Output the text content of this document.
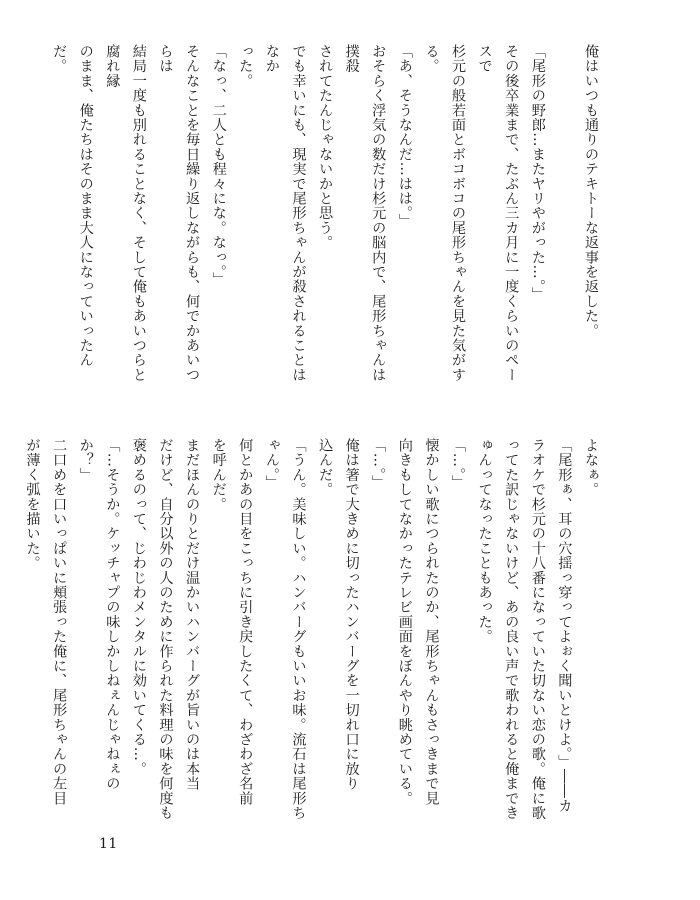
俺はいつも通りのテキトーな返事を返した。
「尾形の野郎…またヤリやがった…。」
その後卒業まで、たぶん三カ月に一度くらいのペースで
杉元の般若面とボコボコの尾形ちゃんを見た気がする。
「あ、そうなんだ…はは。」
おそらく浮気の数だけ杉元の脳内で、尾形ちゃんは撲殺
されてたんじゃないかと思う。
でも幸いにも、現実で尾形ちゃんが殺されることはなか
った。
「なっ、二人とも程々にな。なっ。」
そんなことを毎日繰り返しながらも、何でかあいつらは
結局一度も別れることなく、そして俺もあいつらと腐れ縁
のまま、俺たちはそのまま大人になっていったんだ。
よなぁ。
「尾形ぁ、耳の穴揺っ穿ってよぉく聞いとけよ。」――カ
ラオケで杉元の十八番になっていた切ない恋の歌。俺に歌
ってた訳じゃないけど、あの良い声で歌われると俺までき
ゅんってなったこともあった。
「…。」
懐かしい歌につられたのか、尾形ちゃんもさっきまで見
向きもしてなかったテレビ画面をぼんやり眺めている。
「…。」
俺は箸で大きめに切ったハンバーグを一切れ口に放り
込んだ。
「うん。美味しい。ハンバーグもいいお味。流石は尾形ち
ゃん。」
何とかあの目をこっちに引き戻したくて、わざわざ名前
を呼んだ。
まだほんのりとだけ温かいハンバーグが旨いのは本当
だけど、自分以外の人のために作られた料理の味を何度も
褒めるのって、じわじわメンタルに効いてくる…。
「…そうか。ケッチャプの味しかしねぇんじゃねぇの
か？」
二口めを口いっぱいに頬張った俺に、尾形ちゃんの左目
が薄く弧を描いた。
11
